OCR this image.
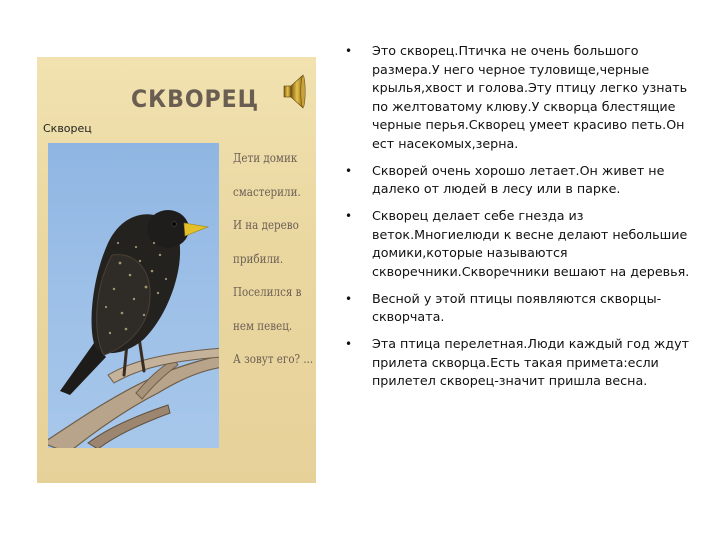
СКВОРЕЦ
Скворец
Дети домик
смастерили.
И на дерево
прибили.
Поселился в
нем певец.
А зовут его? ...
• Это скворец.Птичка не очень большого размера.У него черное туловище,черные крылья,хвост и голова.Эту птицу легко узнать по желтоватому клюву.У скворца блестящие черные перья.Скворец умеет красиво петь.Он ест насекомых,зерна.
• Скворей очень хорошо летает.Он живет не далеко от людей в лесу или в парке.
• Скворец делает себе гнезда из веток.Многиелюди к весне делают небольшие домики,которые называются скворечники.Скворечники вешают на деревья.
• Весной у этой птицы появляются скворцы-скворчата.
• Эта птица перелетная.Люди каждый год ждут прилета скворца.Есть такая примета:если прилетел скворец-значит пришла весна.
